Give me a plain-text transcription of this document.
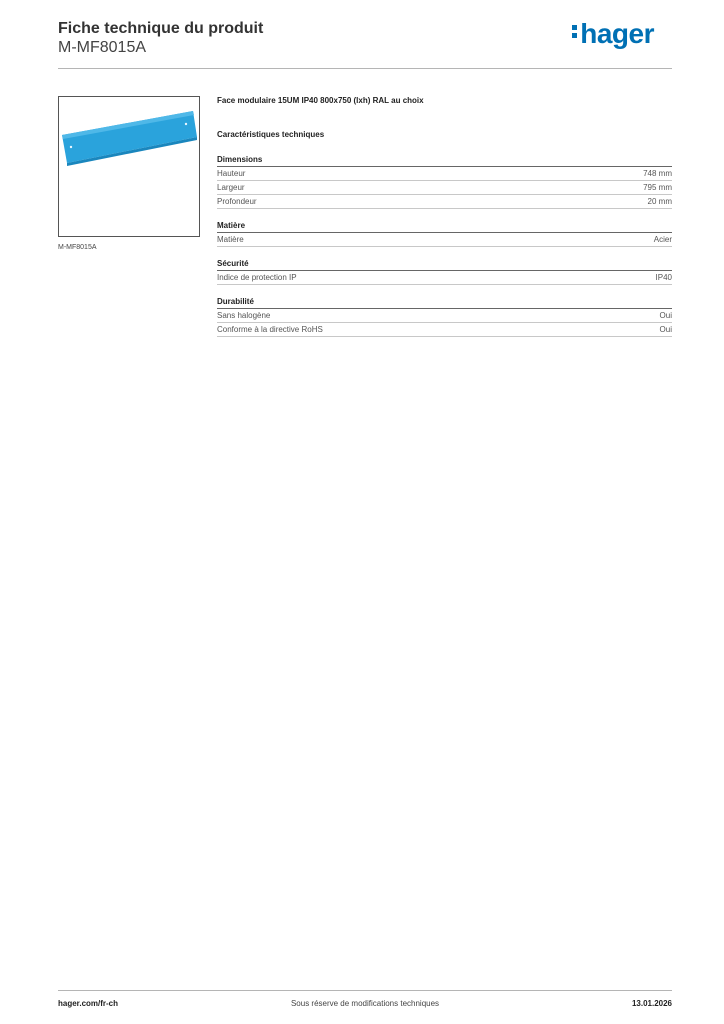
Fiche technique du produit
M-MF8015A	hager
M-MF8015A

Face modulaire 15UM IP40 800x750 (lxh) RAL au choix

Caractéristiques techniques

Dimensions
Hauteur	748 mm
Largeur	795 mm
Profondeur	20 mm
Matière
Matière	Acier
Sécurité
Indice de protection IP	IP40
Durabilité
Sans halogène	Oui
Conforme à la directive RoHS	Oui
hager.com/fr-ch	Sous réserve de modifications techniques	13.01.2026
